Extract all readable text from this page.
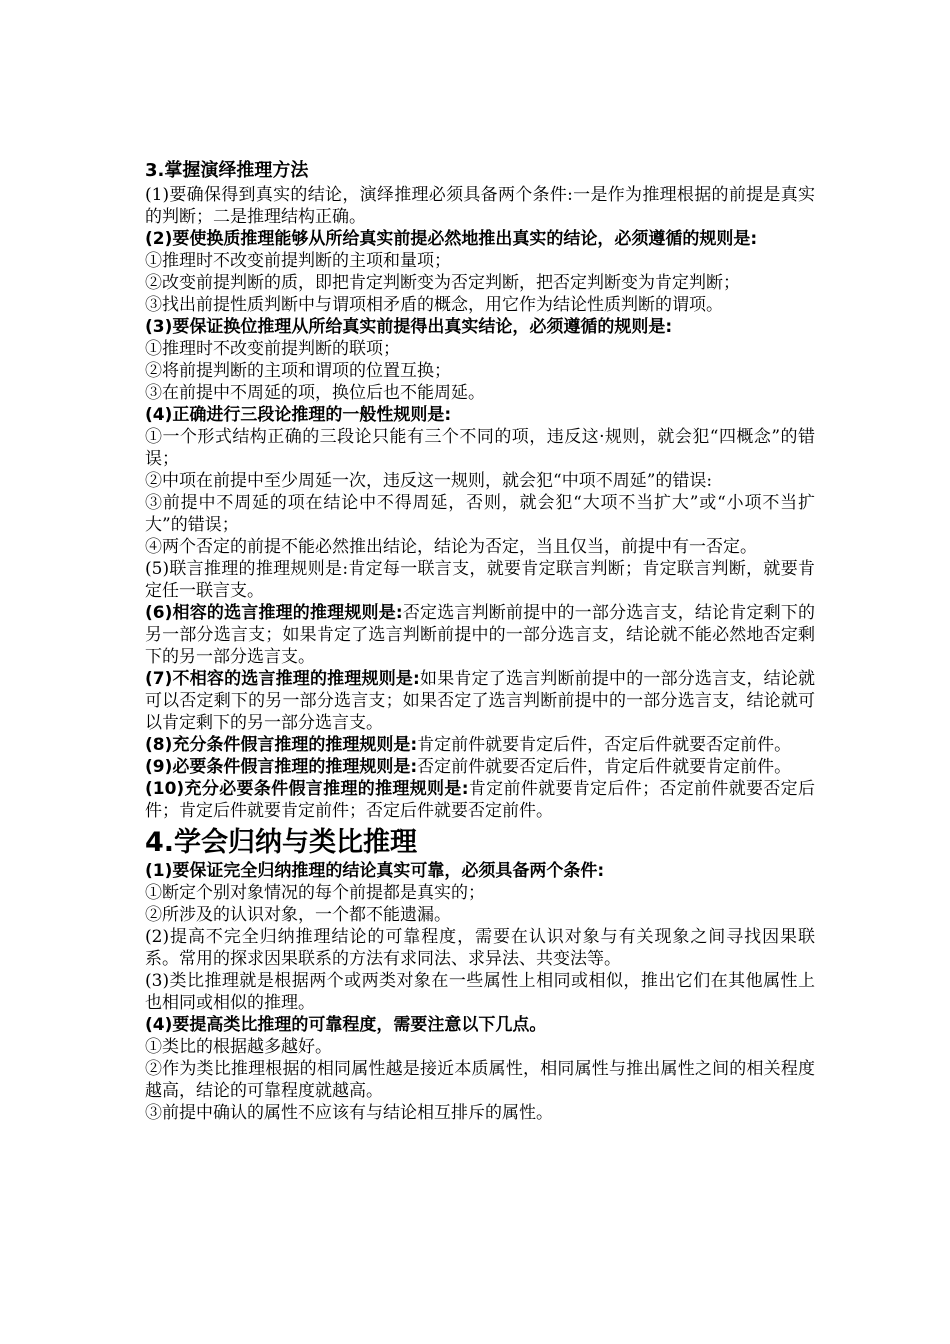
3.掌握演绎推理方法

(1)要确保得到真实的结论，演绎推理必须具备两个条件:一是作为推理根据的前提是真实的判断；二是推理结构正确。

(2)要使换质推理能够从所给真实前提必然地推出真实的结论，必须遵循的规则是:

①推理时不改变前提判断的主项和量项；

②改变前提判断的质，即把肯定判断变为否定判断，把否定判断变为肯定判断；

③找出前提性质判断中与谓项相矛盾的概念，用它作为结论性质判断的谓项。

(3)要保证换位推理从所给真实前提得出真实结论，必须遵循的规则是:

①推理时不改变前提判断的联项；

②将前提判断的主项和谓项的位置互换；

③在前提中不周延的项，换位后也不能周延。

(4)正确进行三段论推理的一般性规则是:

①一个形式结构正确的三段论只能有三个不同的项，违反这·规则，就会犯“四概念”的错误；

②中项在前提中至少周延一次，违反这一规则，就会犯“中项不周延”的错误:

③前提中不周延的项在结论中不得周延，否则，就会犯“大项不当扩大”或“小项不当扩大”的错误；

④两个否定的前提不能必然推出结论，结论为否定，当且仅当，前提中有一否定。

(5)联言推理的推理规则是:肯定每一联言支，就要肯定联言判断；肯定联言判断，就要肯定任一联言支。

(6)相容的选言推理的推理规则是:否定选言判断前提中的一部分选言支，结论肯定剩下的另一部分选言支；如果肯定了选言判断前提中的一部分选言支，结论就不能必然地否定剩下的另一部分选言支。

(7)不相容的选言推理的推理规则是:如果肯定了选言判断前提中的一部分选言支，结论就可以否定剩下的另一部分选言支；如果否定了选言判断前提中的一部分选言支，结论就可以肯定剩下的另一部分选言支。

(8)充分条件假言推理的推理规则是:肯定前件就要肯定后件，否定后件就要否定前件。

(9)必要条件假言推理的推理规则是:否定前件就要否定后件，肯定后件就要肯定前件。

(10)充分必要条件假言推理的推理规则是:肯定前件就要肯定后件；否定前件就要否定后件；肯定后件就要肯定前件；否定后件就要否定前件。

4.学会归纳与类比推理

(1)要保证完全归纳推理的结论真实可靠，必须具备两个条件:

①断定个别对象情况的每个前提都是真实的；

②所涉及的认识对象，一个都不能遗漏。

(2)提高不完全归纳推理结论的可靠程度，需要在认识对象与有关现象之间寻找因果联系。常用的探求因果联系的方法有求同法、求异法、共变法等。

(3)类比推理就是根据两个或两类对象在一些属性上相同或相似，推出它们在其他属性上也相同或相似的推理。

(4)要提高类比推理的可靠程度，需要注意以下几点。

①类比的根据越多越好。

②作为类比推理根据的相同属性越是接近本质属性，相同属性与推出属性之间的相关程度越高，结论的可靠程度就越高。

③前提中确认的属性不应该有与结论相互排斥的属性。
